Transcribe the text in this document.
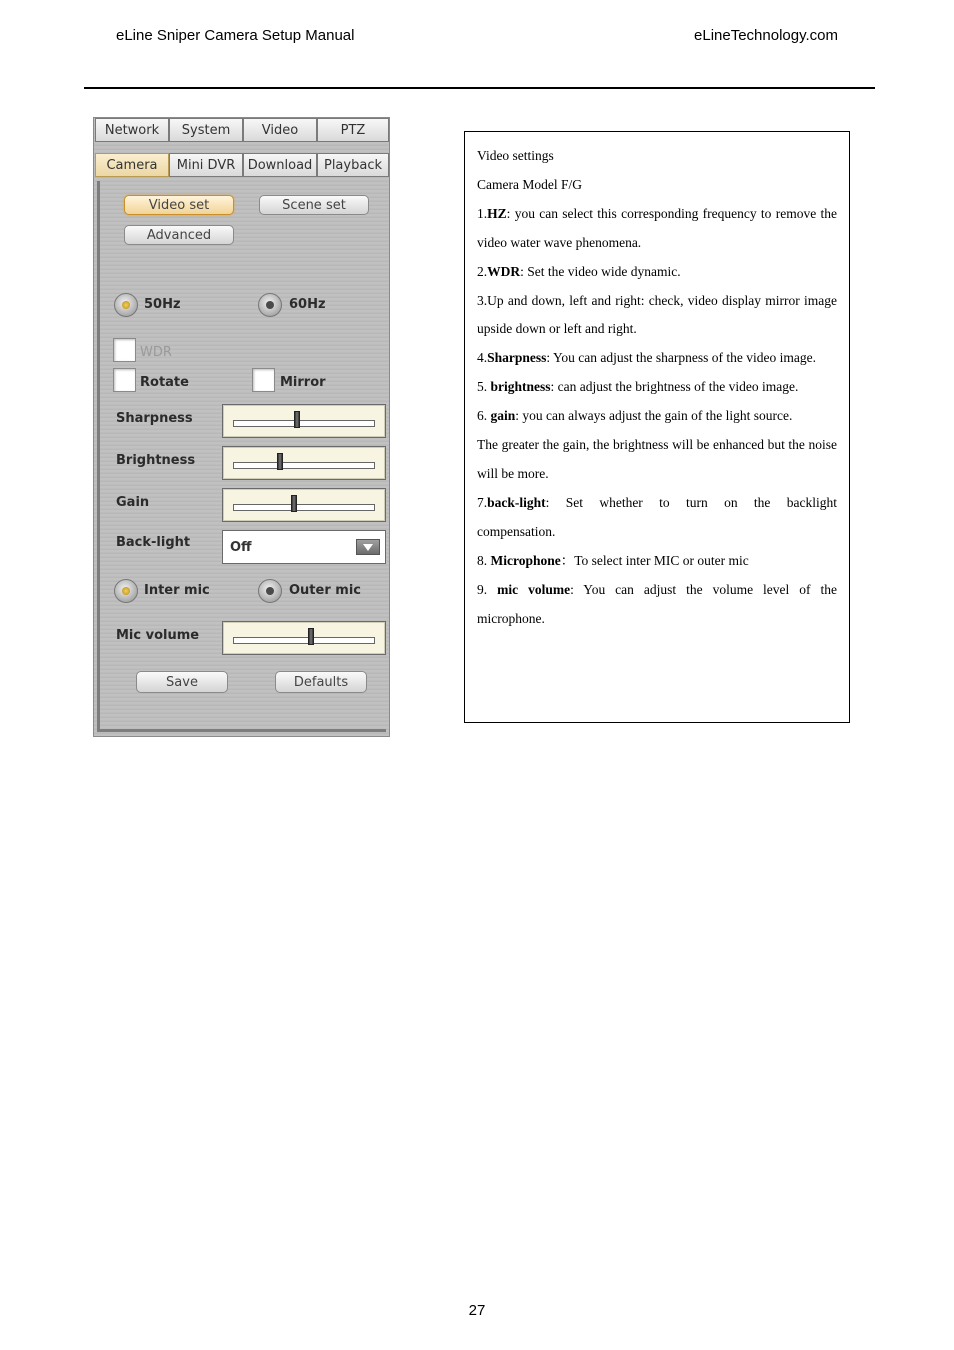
eLine Sniper Camera Setup Manual	eLineTechnology.com
Network	System	Video	PTZ
Camera	Mini DVR Download Playback
Video set	Scene set
Advanced
50Hz	60Hz
WDR
Rotate	Mirror
Sharpness
Brightness
Gain
Back-light	Off
Inter mic	Outer mic
Mic volume
Save	Defaults

Video settings

Camera Model F/G

1.HZ: you can select this corresponding frequency to remove the video water wave phenomena.

2.WDR: Set the video wide dynamic.

3.Up and down, left and right: check, video display mirror image upside down or left and right.

4.Sharpness: You can adjust the sharpness of the video image.

5. brightness: can adjust the brightness of the video image.

6. gain: you can always adjust the gain of the light source.

The greater the gain, the brightness will be enhanced but the noise will be more.

7.back-light: Set whether to turn on the backlight compensation.

8. Microphone：To select inter MIC or outer mic

9. mic volume: You can adjust the volume level of the microphone.

27
